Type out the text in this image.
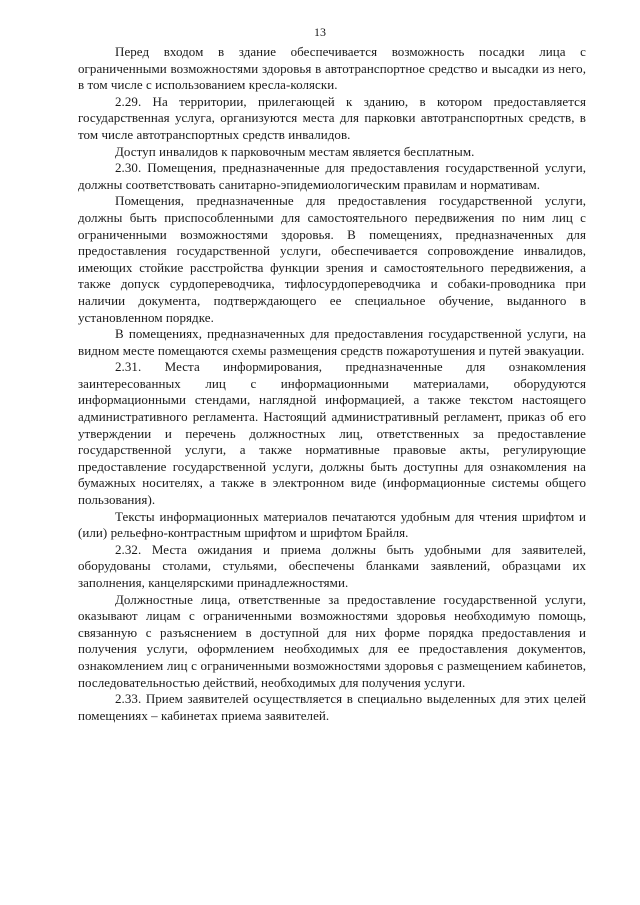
13

Перед входом в здание обеспечивается возможность посадки лица с ограниченными возможностями здоровья в автотранспортное средство и высадки из него, в том числе с использованием кресла-коляски.

2.29. На территории, прилегающей к зданию, в котором предоставляется государственная услуга, организуются места для парковки автотранспортных средств, в том числе автотранспортных средств инвалидов.

Доступ инвалидов к парковочным местам является бесплатным.

2.30. Помещения, предназначенные для предоставления государственной услуги, должны соответствовать санитарно-эпидемиологическим правилам и нормативам.

Помещения, предназначенные для предоставления государственной услуги, должны быть приспособленными для самостоятельного передвижения по ним лиц с ограниченными возможностями здоровья. В помещениях, предназначенных для предоставления государственной услуги, обеспечивается сопровождение инвалидов, имеющих стойкие расстройства функции зрения и самостоятельного передвижения, а также допуск сурдопереводчика, тифлосурдопереводчика и собаки-проводника при наличии документа, подтверждающего ее специальное обучение, выданного в установленном порядке.

В помещениях, предназначенных для предоставления государственной услуги, на видном месте помещаются схемы размещения средств пожаротушения и путей эвакуации.

2.31. Места информирования, предназначенные для ознакомления заинтересованных лиц с информационными материалами, оборудуются информационными стендами, наглядной информацией, а также текстом настоящего административного регламента. Настоящий административный регламент, приказ об его утверждении и перечень должностных лиц, ответственных за предоставление государственной услуги, а также нормативные правовые акты, регулирующие предоставление государственной услуги, должны быть доступны для ознакомления на бумажных носителях, а также в электронном виде (информационные системы общего пользования).

Тексты информационных материалов печатаются удобным для чтения шрифтом и (или) рельефно-контрастным шрифтом и шрифтом Брайля.

2.32. Места ожидания и приема должны быть удобными для заявителей, оборудованы столами, стульями, обеспечены бланками заявлений, образцами их заполнения, канцелярскими принадлежностями.

Должностные лица, ответственные за предоставление государственной услуги, оказывают лицам с ограниченными возможностями здоровья необходимую помощь, связанную с разъяснением в доступной для них форме порядка предоставления и получения услуги, оформлением необходимых для ее предоставления документов, ознакомлением лиц с ограниченными возможностями здоровья с размещением кабинетов, последовательностью действий, необходимых для получения услуги.

2.33. Прием заявителей осуществляется в специально выделенных для этих целей помещениях – кабинетах приема заявителей.
